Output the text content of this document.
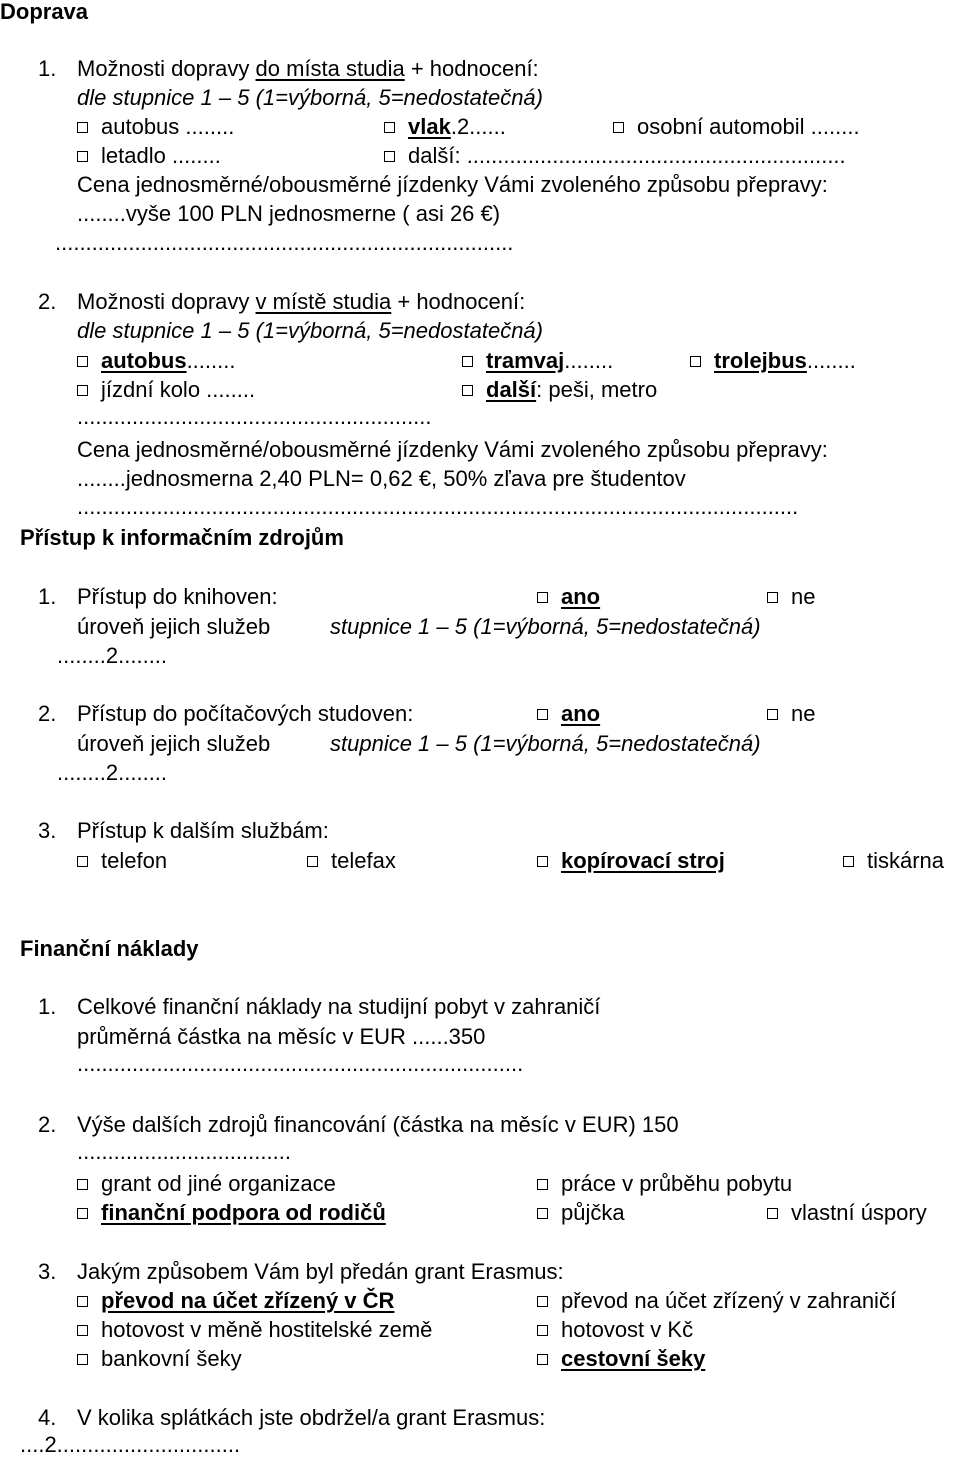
Doprava
1. Možnosti dopravy do místa studia + hodnocení:
dle stupnice 1 – 5 (1=výborná, 5=nedostatečná)
autobus ........	vlak.2......	osobní automobil ........
letadlo ........	další: ..............................................................
Cena jednosměrné/obousměrné jízdenky Vámi zvoleného způsobu přepravy:
........vyše 100 PLN jednosmerne ( asi 26 €)
...........................................................................
2. Možnosti dopravy v místě studia + hodnocení:
dle stupnice 1 – 5 (1=výborná, 5=nedostatečná)
autobus........	tramvaj........	trolejbus........
jízdní kolo ........	další: peši, metro
..........................................................
Cena jednosměrné/obousměrné jízdenky Vámi zvoleného způsobu přepravy:
........jednosmerna 2,40 PLN= 0,62 €, 50% zľava pre študentov
......................................................................................................................
Přístup k informačním zdrojům
1. Přístup do knihoven:	ano	ne
úroveň jejich služeb	stupnice 1 – 5 (1=výborná, 5=nedostatečná)
........2........
2. Přístup do počítačových studoven:	ano	ne
úroveň jejich služeb	stupnice 1 – 5 (1=výborná, 5=nedostatečná)
........2........
3. Přístup k dalším službám:
telefon	telefax	kopírovací stroj	tiskárna
Finanční náklady
1. Celkové finanční náklady na studijní pobyt v zahraničí
průměrná částka na měsíc v EUR ......350
.........................................................................
2. Výše dalších zdrojů financování (částka na měsíc v EUR) 150
...................................
grant od jiné organizace	práce v průběhu pobytu
finanční podpora od rodičů	půjčka	vlastní úspory
3. Jakým způsobem Vám byl předán grant Erasmus:
převod na účet zřízený v ČR	převod na účet zřízený v zahraničí
hotovost v měně hostitelské země	hotovost v Kč
bankovní šeky	cestovní šeky
4. V kolika splátkách jste obdržel/a grant Erasmus:
....2..............................
